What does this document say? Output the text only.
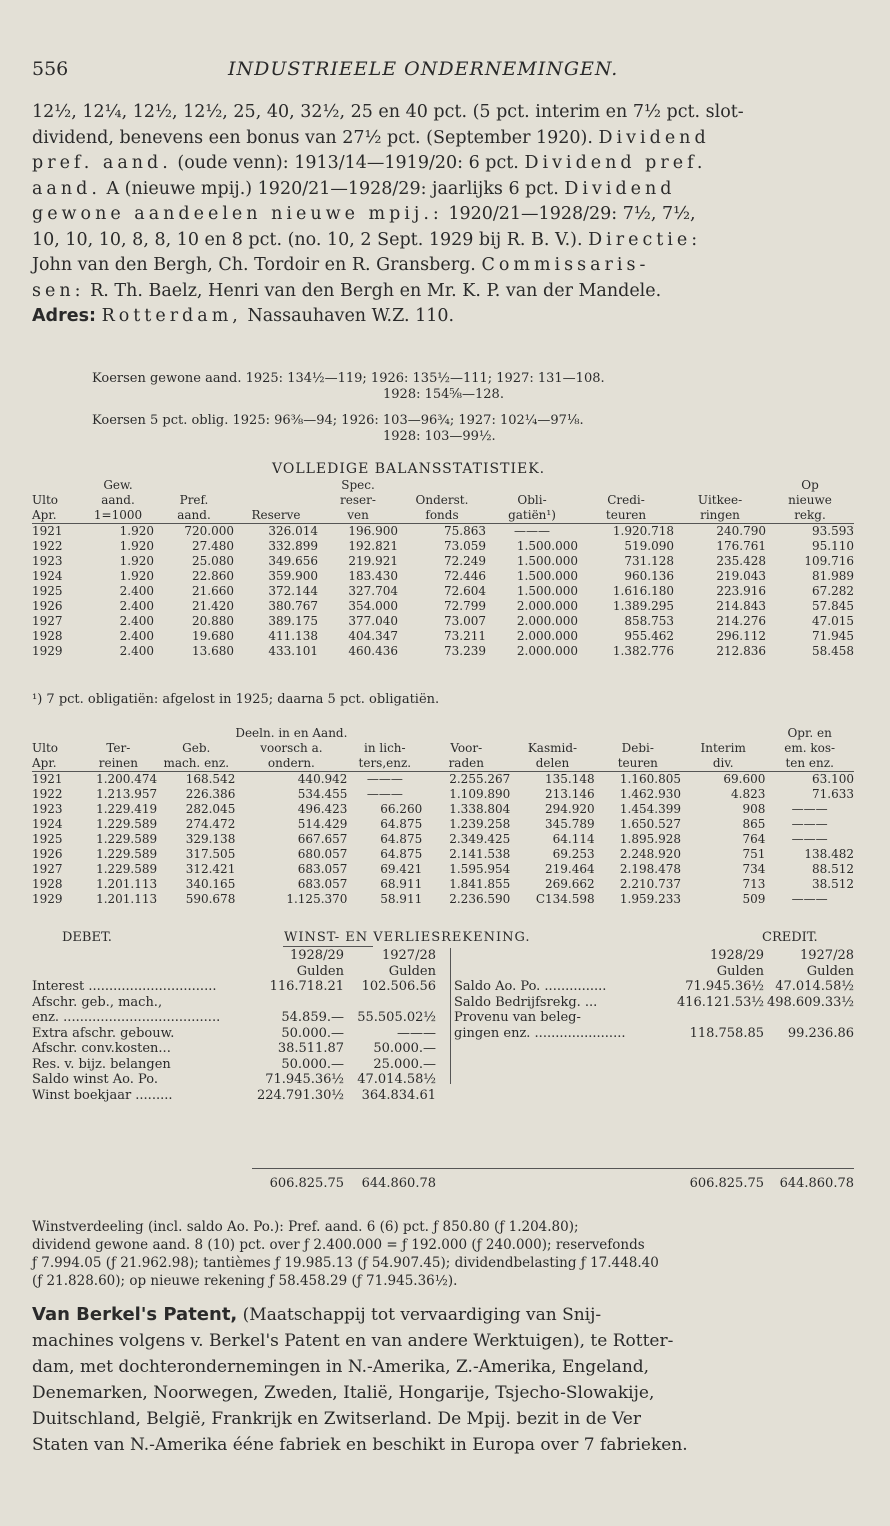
556	INDUSTRIEELE ONDERNEMINGEN.
12½, 12¼, 12½, 12½, 25, 40, 32½, 25 en 40 pct. (5 pct. interim en 7½ pct. slot-
dividend, benevens een bonus van 27½ pct. (September 1920). Dividend
pref. aand. (oude venn): 1913/14—1919/20: 6 pct. Dividend pref.
aand. A (nieuwe mpij.) 1920/21—1928/29: jaarlijks 6 pct. Dividend
gewone aandeelen nieuwe mpij.: 1920/21—1928/29: 7½, 7½,
10, 10, 10, 8, 8, 10 en 8 pct. (no. 10, 2 Sept. 1929 bij R. B. V.). Directie:
John van den Bergh, Ch. Tordoir en R. Gransberg. Commissaris-
sen: R. Th. Baelz, Henri van den Bergh en Mr. K. P. van der Mandele.
Adres: Rotterdam, Nassauhaven W.Z. 110.
Koersen gewone aand. 1925: 134½—119; 1926: 135½—111; 1927: 131—108.
1928: 154⅝—128.
Koersen 5 pct. oblig. 1925: 96⅜—94; 1926: 103—96¾; 1927: 102¼—97⅛.
1928: 103—99½.
VOLLEDIGE BALANSSTATISTIEK.
	Gew.			Spec.					Op
Ulto	aand.	Pref.		reser-	Onderst.	Obli-	Credi-	Uitkee-	nieuwe
Apr.	1=1000	aand.	Reserve	ven	fonds	gatiën¹)	teuren	ringen	rekg.
1921	1.920	720.000	326.014	196.900	75.863	———	1.920.718	240.790	93.593
1922	1.920	27.480	332.899	192.821	73.059	1.500.000	519.090	176.761	95.110
1923	1.920	25.080	349.656	219.921	72.249	1.500.000	731.128	235.428	109.716
1924	1.920	22.860	359.900	183.430	72.446	1.500.000	960.136	219.043	81.989
1925	2.400	21.660	372.144	327.704	72.604	1.500.000	1.616.180	223.916	67.282
1926	2.400	21.420	380.767	354.000	72.799	2.000.000	1.389.295	214.843	57.845
1927	2.400	20.880	389.175	377.040	73.007	2.000.000	858.753	214.276	47.015
1928	2.400	19.680	411.138	404.347	73.211	2.000.000	955.462	296.112	71.945
1929	2.400	13.680	433.101	460.436	73.239	2.000.000	1.382.776	212.836	58.458
¹) 7 pct. obligatiën: afgelost in 1925; daarna 5 pct. obligatiën.
			Deeln. in en Aand.						Opr. en
Ulto	Ter-	Geb.	voorsch a.	in lich-	Voor-	Kasmid-	Debi-	Interim	em. kos-
Apr.	reinen	mach. enz.	ondern.	ters,enz.	raden	delen	teuren	div.	ten enz.
1921	1.200.474	168.542	440.942	———	2.255.267	135.148	1.160.805	69.600	63.100
1922	1.213.957	226.386	534.455	———	1.109.890	213.146	1.462.930	4.823	71.633
1923	1.229.419	282.045	496.423	66.260	1.338.804	294.920	1.454.399	908	———
1924	1.229.589	274.472	514.429	64.875	1.239.258	345.789	1.650.527	865	———
1925	1.229.589	329.138	667.657	64.875	2.349.425	64.114	1.895.928	764	———
1926	1.229.589	317.505	680.057	64.875	2.141.538	69.253	2.248.920	751	138.482
1927	1.229.589	312.421	683.057	69.421	1.595.954	219.464	2.198.478	734	88.512
1928	1.201.113	340.165	683.057	68.911	1.841.855	269.662	2.210.737	713	38.512
1929	1.201.113	590.678	1.125.370	58.911	2.236.590	C134.598	1.959.233	509	———
DEBET.	WINST- EN VERLIESREKENING.	CREDIT.
1928/29	1927/28
Gulden	Gulden
Interest ...............................	116.718.21	102.506.56
Afschr. geb., mach.,
enz. ......................................	54.859.—	55.505.02½
Extra afschr. gebouw.	50.000.—	———
Afschr. conv.kosten...	38.511.87	50.000.—
Res. v. bijz. belangen	50.000.—	25.000.—
Saldo winst Ao. Po.	71.945.36½	47.014.58½
Winst boekjaar .........	224.791.30½	364.834.61
1928/29	1927/28
Gulden	Gulden
Saldo Ao. Po. ...............	71.945.36½ 47.014.58½
Saldo Bedrijfsrekg. ...	416.121.53½ 498.609.33½
Provenu van beleg-
gingen enz. ......................	118.758.85	99.236.86
606.825.75 644.860.78	606.825.75 644.860.78
Winstverdeeling (incl. saldo Ao. Po.): Pref. aand. 6 (6) pct. ƒ 850.80 (ƒ 1.204.80);
dividend gewone aand. 8 (10) pct. over ƒ 2.400.000 = ƒ 192.000 (ƒ 240.000); reservefonds
ƒ 7.994.05 (ƒ 21.962.98); tantièmes ƒ 19.985.13 (ƒ 54.907.45); dividendbelasting ƒ 17.448.40
(ƒ 21.828.60); op nieuwe rekening ƒ 58.458.29 (ƒ 71.945.36½).
Van Berkel's Patent, (Maatschappij tot vervaardiging van Snij-
machines volgens v. Berkel's Patent en van andere Werktuigen), te Rotter-
dam, met dochterondernemingen in N.-Amerika, Z.-Amerika, Engeland,
Denemarken, Noorwegen, Zweden, Italië, Hongarije, Tsjecho-Slowakije,
Duitschland, België, Frankrijk en Zwitserland. De Mpij. bezit in de Ver
Staten van N.-Amerika ééne fabriek en beschikt in Europa over 7 fabrieken.
